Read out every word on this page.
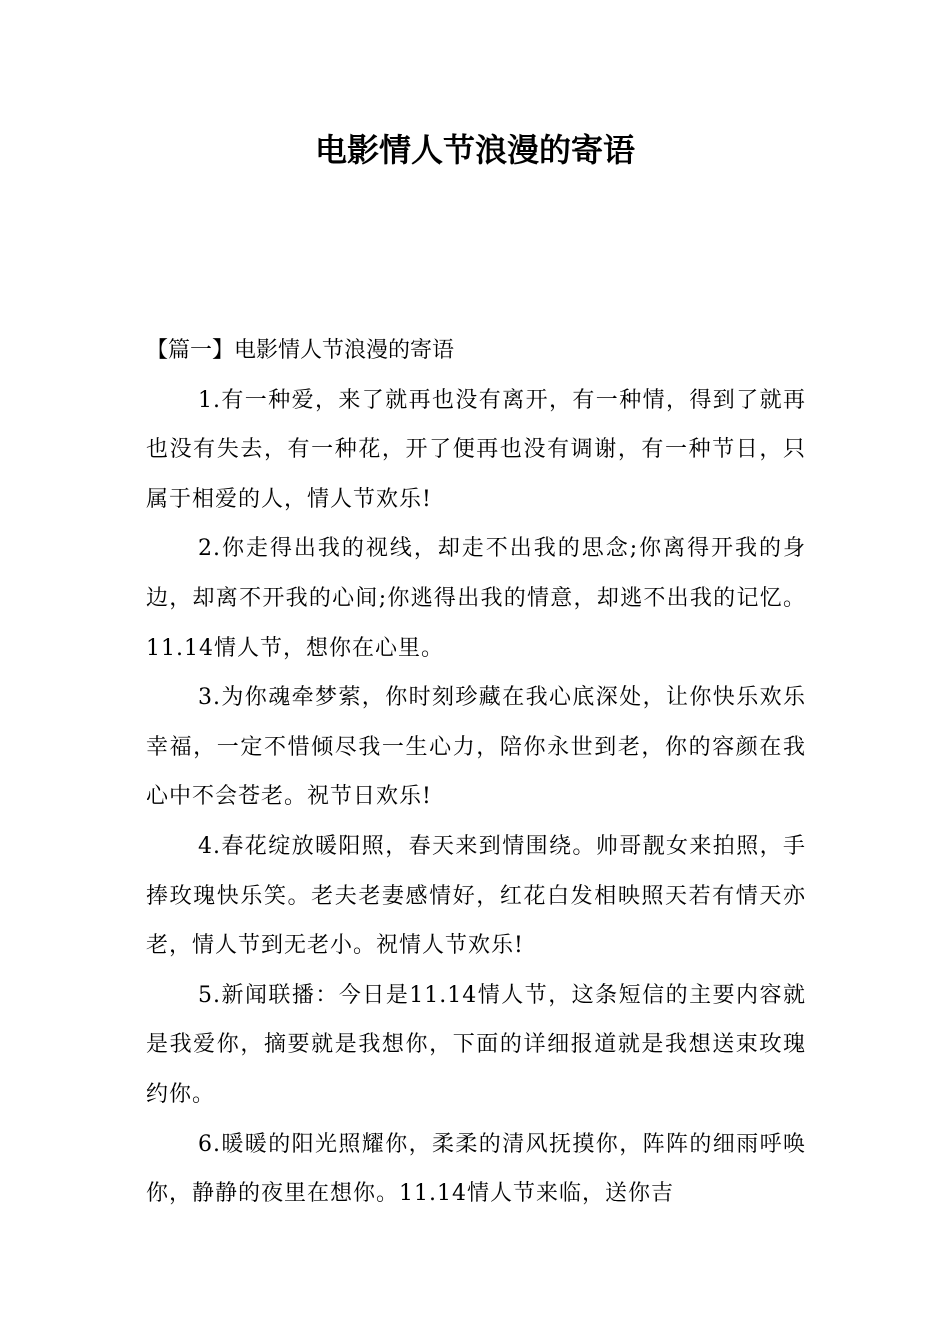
电影情人节浪漫的寄语

【篇一】电影情人节浪漫的寄语

1.有一种爱，来了就再也没有离开，有一种情，得到了就再也没有失去，有一种花，开了便再也没有调谢，有一种节日，只属于相爱的人，情人节欢乐!

2.你走得出我的视线，却走不出我的思念;你离得开我的身边，却离不开我的心间;你逃得出我的情意，却逃不出我的记忆。11.14情人节，想你在心里。

3.为你魂牵梦萦，你时刻珍藏在我心底深处，让你快乐欢乐幸福，一定不惜倾尽我一生心力，陪你永世到老，你的容颜在我心中不会苍老。祝节日欢乐!

4.春花绽放暖阳照，春天来到情围绕。帅哥靓女来拍照，手捧玫瑰快乐笑。老夫老妻感情好，红花白发相映照天若有情天亦老，情人节到无老小。祝情人节欢乐!

5.新闻联播：今日是11.14情人节，这条短信的主要内容就是我爱你，摘要就是我想你，下面的详细报道就是我想送束玫瑰约你。

6.暖暖的阳光照耀你，柔柔的清风抚摸你，阵阵的细雨呼唤你，静静的夜里在想你。11.14情人节来临，送你吉
